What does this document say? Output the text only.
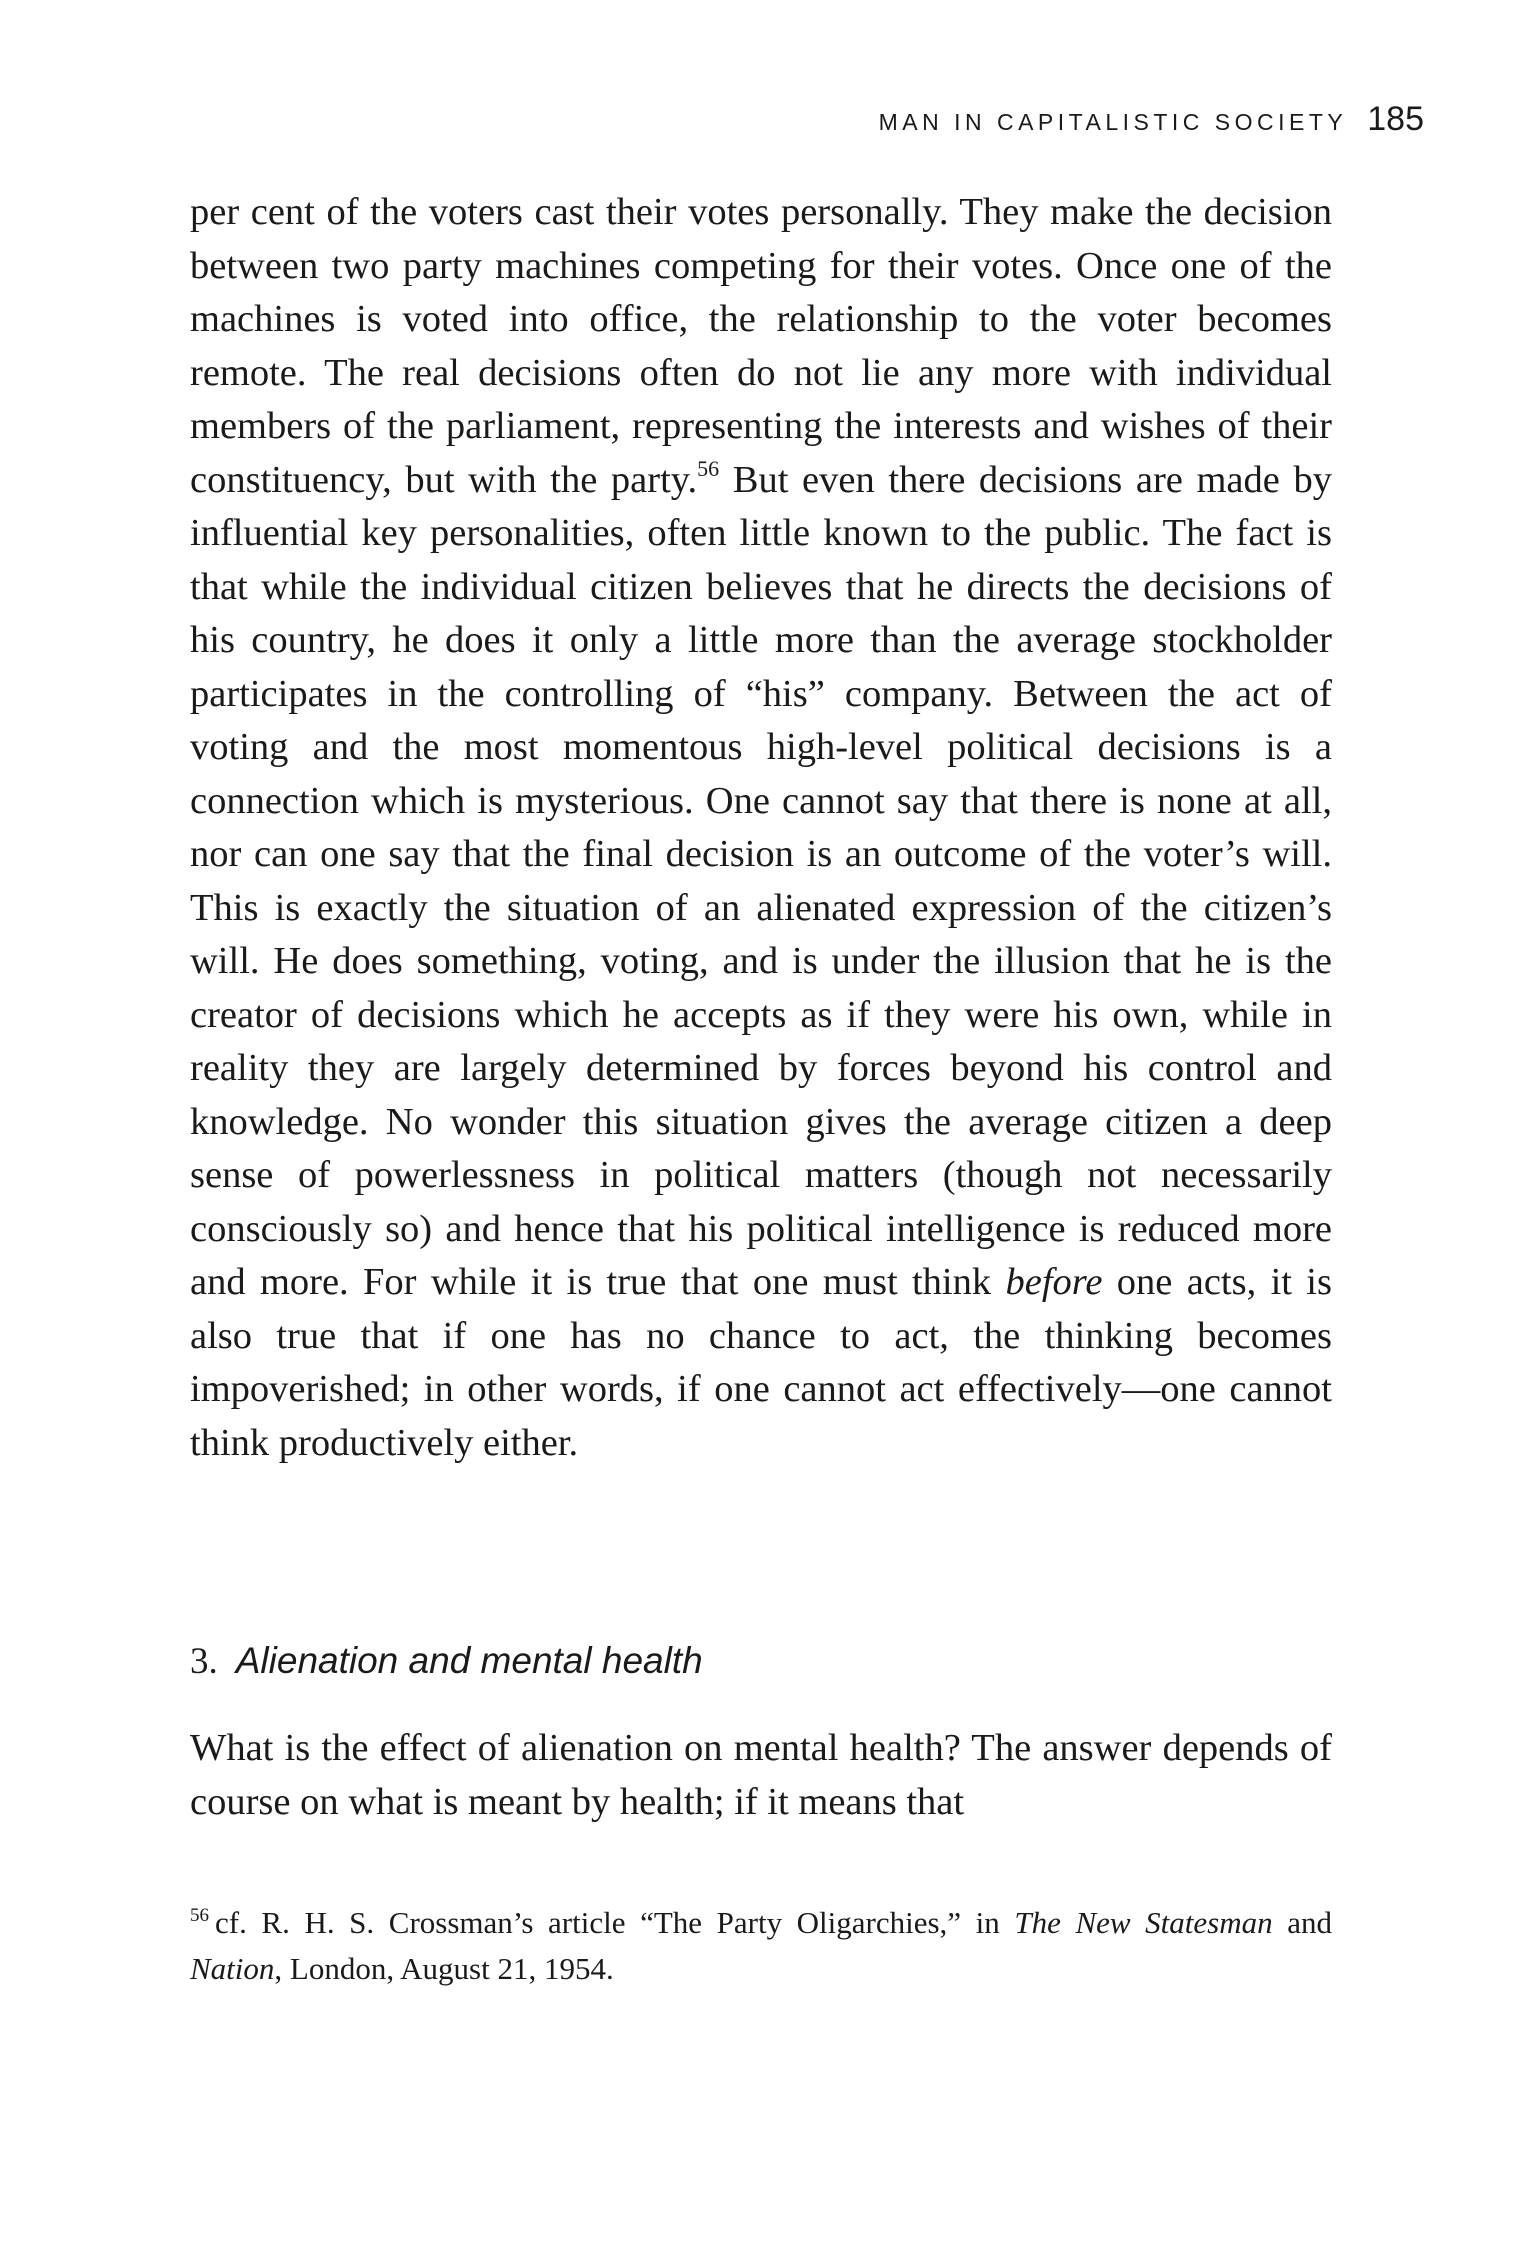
MAN IN CAPITALISTIC SOCIETY 185

per cent of the voters cast their votes personally. They make the decision between two party machines competing for their votes. Once one of the machines is voted into office, the relationship to the voter becomes remote. The real decisions often do not lie any more with individual members of the parliament, representing the interests and wishes of their constituency, but with the party.$^{56}$ But even there decisions are made by influential key personalities, often little known to the public. The fact is that while the individual citizen believes that he directs the decisions of his country, he does it only a little more than the average stockholder participates in the controlling of “his” company. Between the act of voting and the most momentous high-level political decisions is a connection which is mysterious. One cannot say that there is none at all, nor can one say that the final decision is an outcome of the voter’s will. This is exactly the situation of an alienated expression of the citizen’s will. He does something, voting, and is under the illusion that he is the creator of decisions which he accepts as if they were his own, while in reality they are largely determined by forces beyond his control and knowledge. No wonder this situation gives the average citizen a deep sense of powerlessness in political matters (though not necessarily consciously so) and hence that his political intelligence is reduced more and more. For while it is true that one must think before one acts, it is also true that if one has no chance to act, the thinking becomes impoverished; in other words, if one cannot act effectively—one cannot think productively either.

3. Alienation and mental health

What is the effect of alienation on mental health? The answer depends of course on what is meant by health; if it means that

$^{56}$ cf. R. H. S. Crossman’s article “The Party Oligarchies,” in The New Statesman and Nation, London, August 21, 1954.
